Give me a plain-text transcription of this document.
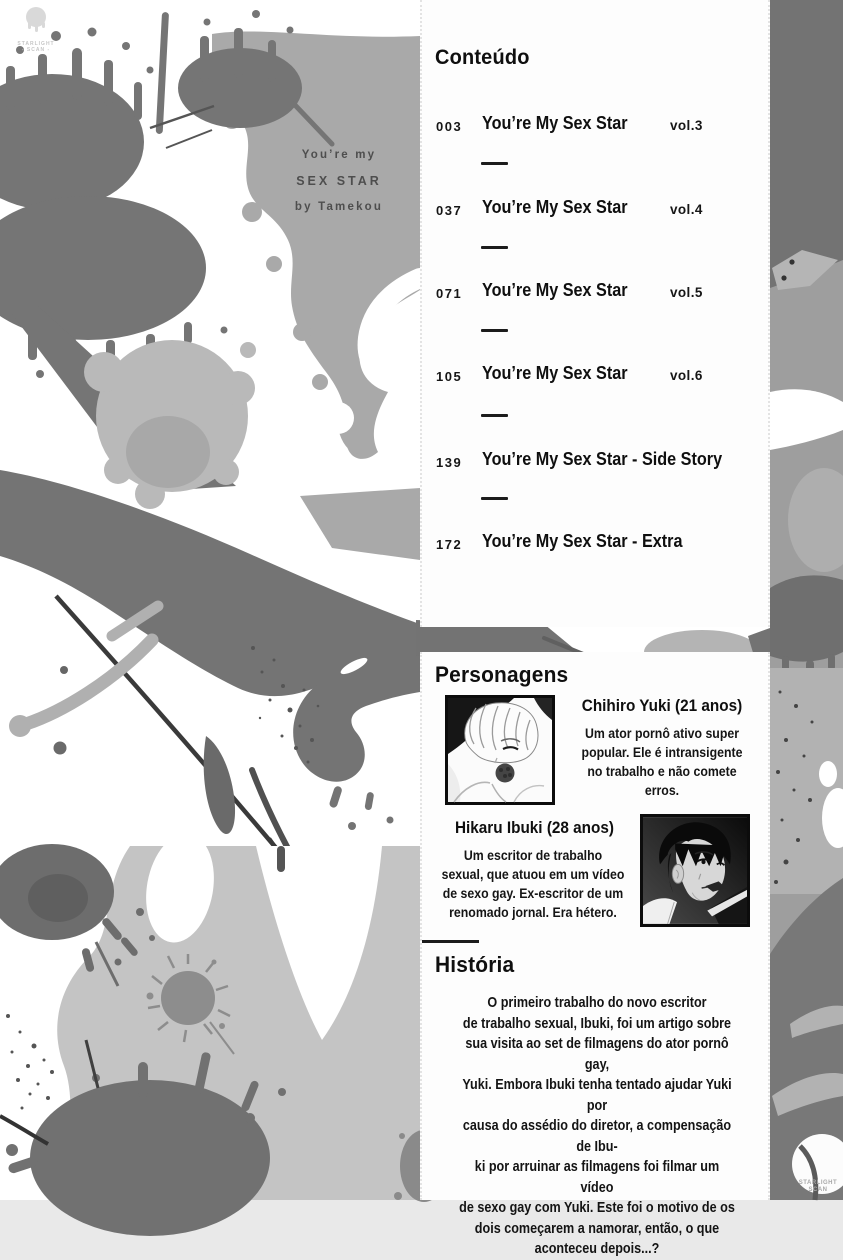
STARLIGHT
- SCAN -
You’re my
SEX STAR
by Tamekou
Conteúdo
003 You’re My Sex Star	vol.3
037 You’re My Sex Star	vol.4
071 You’re My Sex Star	vol.5
105 You’re My Sex Star	vol.6
139 You’re My Sex Star - Side Story
172 You’re My Sex Star - Extra
Personagens
Chihiro Yuki (21 anos)
Um ator pornô ativo super
popular. Ele é intransigente
no trabalho e não comete
erros.
Hikaru Ibuki (28 anos)
Um escritor de trabalho
sexual, que atuou em um vídeo
de sexo gay. Ex-escritor de um
renomado jornal. Era hétero.
História
O primeiro trabalho do novo escritor
de trabalho sexual, Ibuki, foi um artigo sobre
sua visita ao set de filmagens do ator pornô gay,
Yuki. Embora Ibuki tenha tentado ajudar Yuki por
causa do assédio do diretor, a compensação de Ibu-
ki por arruinar as filmagens foi filmar um vídeo
de sexo gay com Yuki. Este foi o motivo de os
dois começarem a namorar, então, o que
aconteceu depois...?
STARLIGHT
SCAN
